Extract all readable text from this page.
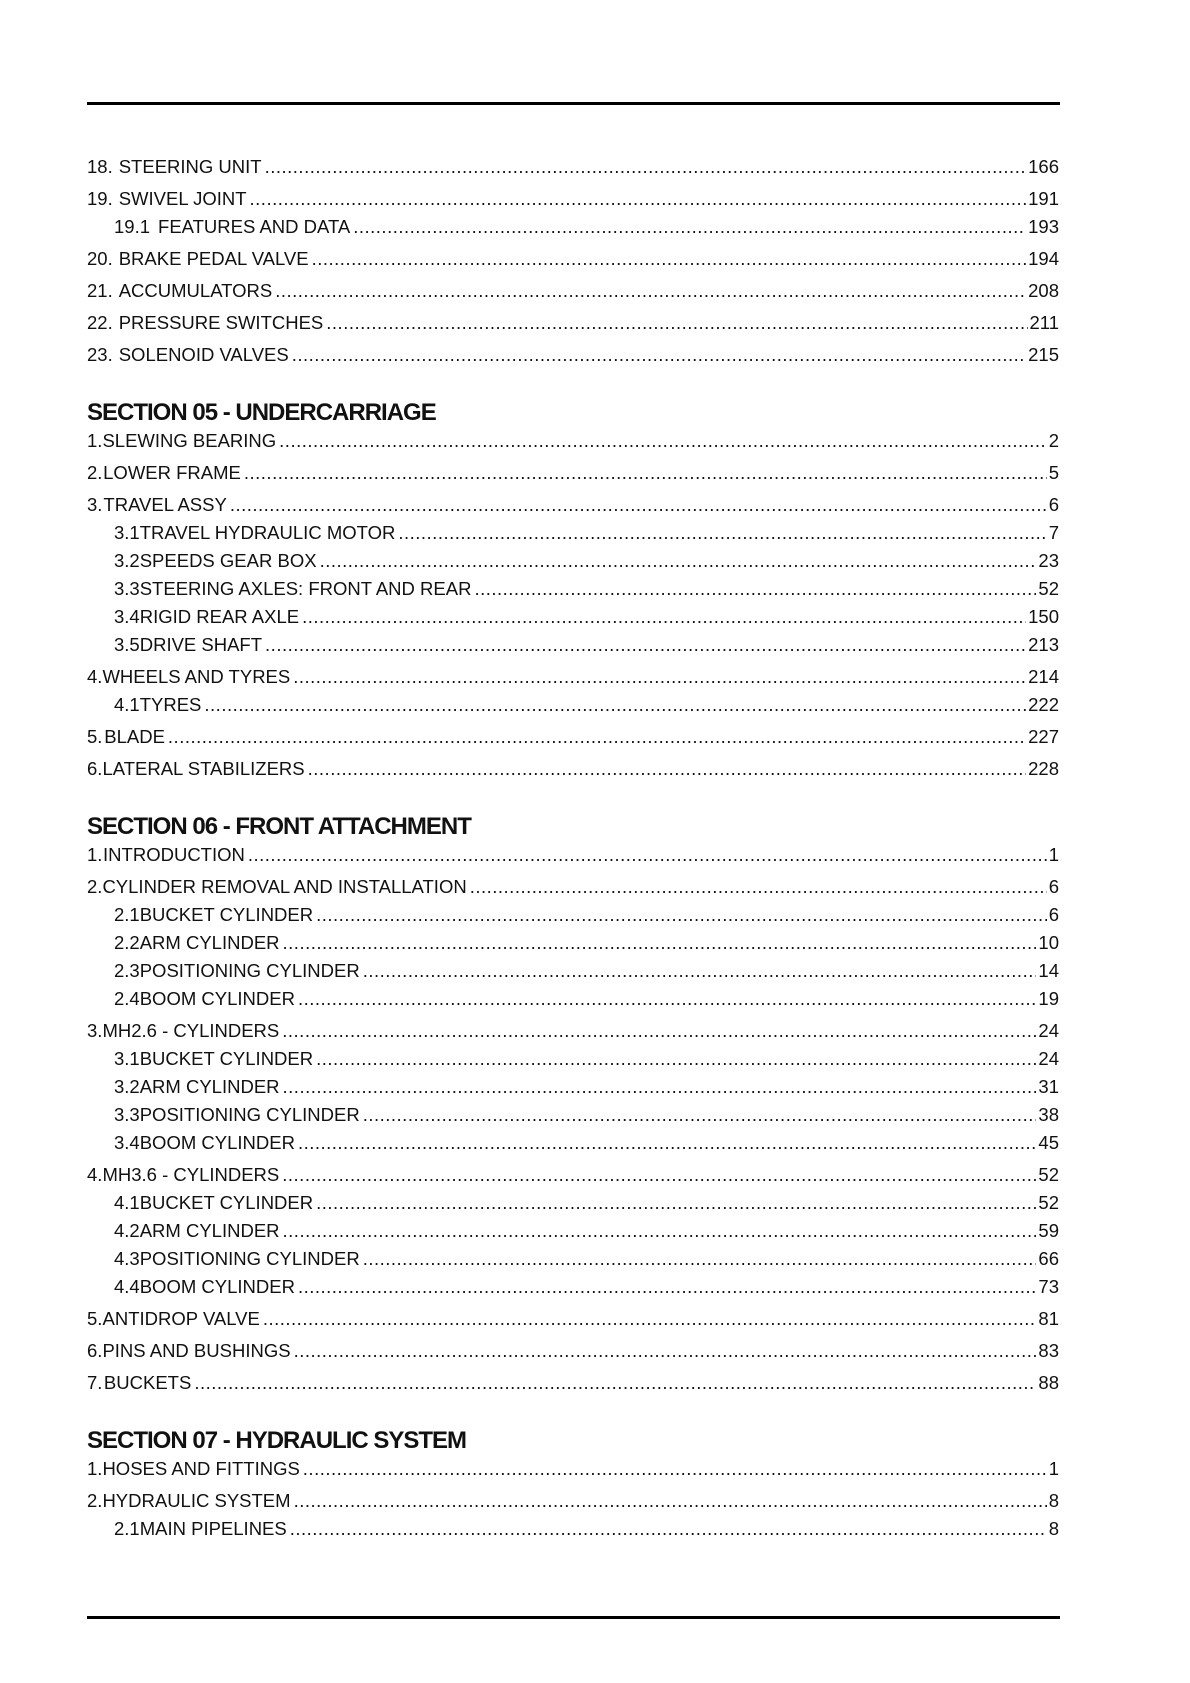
18. STEERING UNIT .....	166
19. SWIVEL JOINT .....	191
19.1 FEATURES AND DATA .....	193
20. BRAKE PEDAL VALVE .....	194
21. ACCUMULATORS .....	208
22. PRESSURE SWITCHES .....	211
23. SOLENOID VALVES .....	215
SECTION 05 - UNDERCARRIAGE
1. SLEWING BEARING .....	2
2. LOWER FRAME .....	5
3. TRAVEL ASSY .....	6
3.1 TRAVEL HYDRAULIC MOTOR .....	7
3.2 SPEEDS GEAR BOX .....	23
3.3 STEERING AXLES: FRONT AND REAR .....	52
3.4 RIGID REAR AXLE .....	150
3.5 DRIVE SHAFT .....	213
4. WHEELS AND TYRES .....	214
4.1 TYRES .....	222
5. BLADE .....	227
6. LATERAL STABILIZERS .....	228
SECTION 06 - FRONT ATTACHMENT
1. INTRODUCTION .....	1
2. CYLINDER REMOVAL AND INSTALLATION .....	6
2.1 BUCKET CYLINDER .....	6
2.2 ARM CYLINDER .....	10
2.3 POSITIONING CYLINDER .....	14
2.4 BOOM CYLINDER .....	19
3. MH2.6 - CYLINDERS .....	24
3.1 BUCKET CYLINDER .....	24
3.2 ARM CYLINDER .....	31
3.3 POSITIONING CYLINDER .....	38
3.4 BOOM CYLINDER .....	45
4. MH3.6 - CYLINDERS .....	52
4.1 BUCKET CYLINDER .....	52
4.2 ARM CYLINDER .....	59
4.3 POSITIONING CYLINDER .....	66
4.4 BOOM CYLINDER .....	73
5. ANTIDROP VALVE .....	81
6. PINS AND BUSHINGS .....	83
7. BUCKETS .....	88
SECTION 07 - HYDRAULIC SYSTEM
1. HOSES AND FITTINGS .....	1
2. HYDRAULIC SYSTEM .....	8
2.1 MAIN PIPELINES .....	8
